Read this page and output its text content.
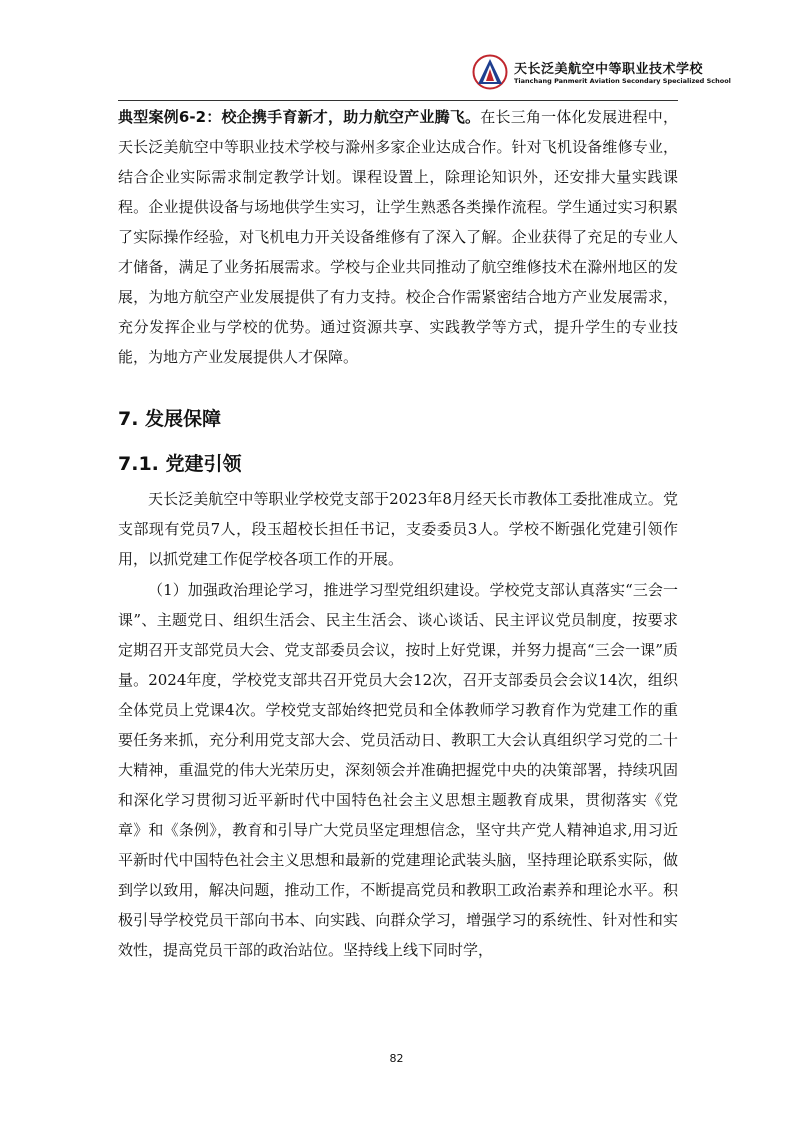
天长泛美航空中等职业技术学校
Tianchang Panmerit Aviation Secondary Specialized School

典型案例6-2：校企携手育新才，助力航空产业腾飞。在长三角一体化发展进程中，天长泛美航空中等职业技术学校与滁州多家企业达成合作。针对飞机设备维修专业，结合企业实际需求制定教学计划。课程设置上，除理论知识外，还安排大量实践课程。企业提供设备与场地供学生实习，让学生熟悉各类操作流程。学生通过实习积累了实际操作经验，对飞机电力开关设备维修有了深入了解。企业获得了充足的专业人才储备，满足了业务拓展需求。学校与企业共同推动了航空维修技术在滁州地区的发展，为地方航空产业发展提供了有力支持。校企合作需紧密结合地方产业发展需求，充分发挥企业与学校的优势。通过资源共享、实践教学等方式，提升学生的专业技能，为地方产业发展提供人才保障。

7. 发展保障
7.1. 党建引领

天长泛美航空中等职业学校党支部于2023年8月经天长市教体工委批准成立。党支部现有党员7人，段玉超校长担任书记，支委委员3人。学校不断强化党建引领作用，以抓党建工作促学校各项工作的开展。

（1）加强政治理论学习，推进学习型党组织建设。学校党支部认真落实“三会一课”、主题党日、组织生活会、民主生活会、谈心谈话、民主评议党员制度，按要求定期召开支部党员大会、党支部委员会议，按时上好党课，并努力提高“三会一课”质量。2024年度，学校党支部共召开党员大会12次，召开支部委员会会议14次，组织全体党员上党课4次。学校党支部始终把党员和全体教师学习教育作为党建工作的重要任务来抓，充分利用党支部大会、党员活动日、教职工大会认真组织学习党的二十大精神，重温党的伟大光荣历史，深刻领会并准确把握党中央的决策部署，持续巩固和深化学习贯彻习近平新时代中国特色社会主义思想主题教育成果，贯彻落实《党章》和《条例》，教育和引导广大党员坚定理想信念，坚守共产党人精神追求,用习近平新时代中国特色社会主义思想和最新的党建理论武装头脑，坚持理论联系实际，做到学以致用，解决问题，推动工作，不断提高党员和教职工政治素养和理论水平。积极引导学校党员干部向书本、向实践、向群众学习，增强学习的系统性、针对性和实效性，提高党员干部的政治站位。坚持线上线下同时学，

82
